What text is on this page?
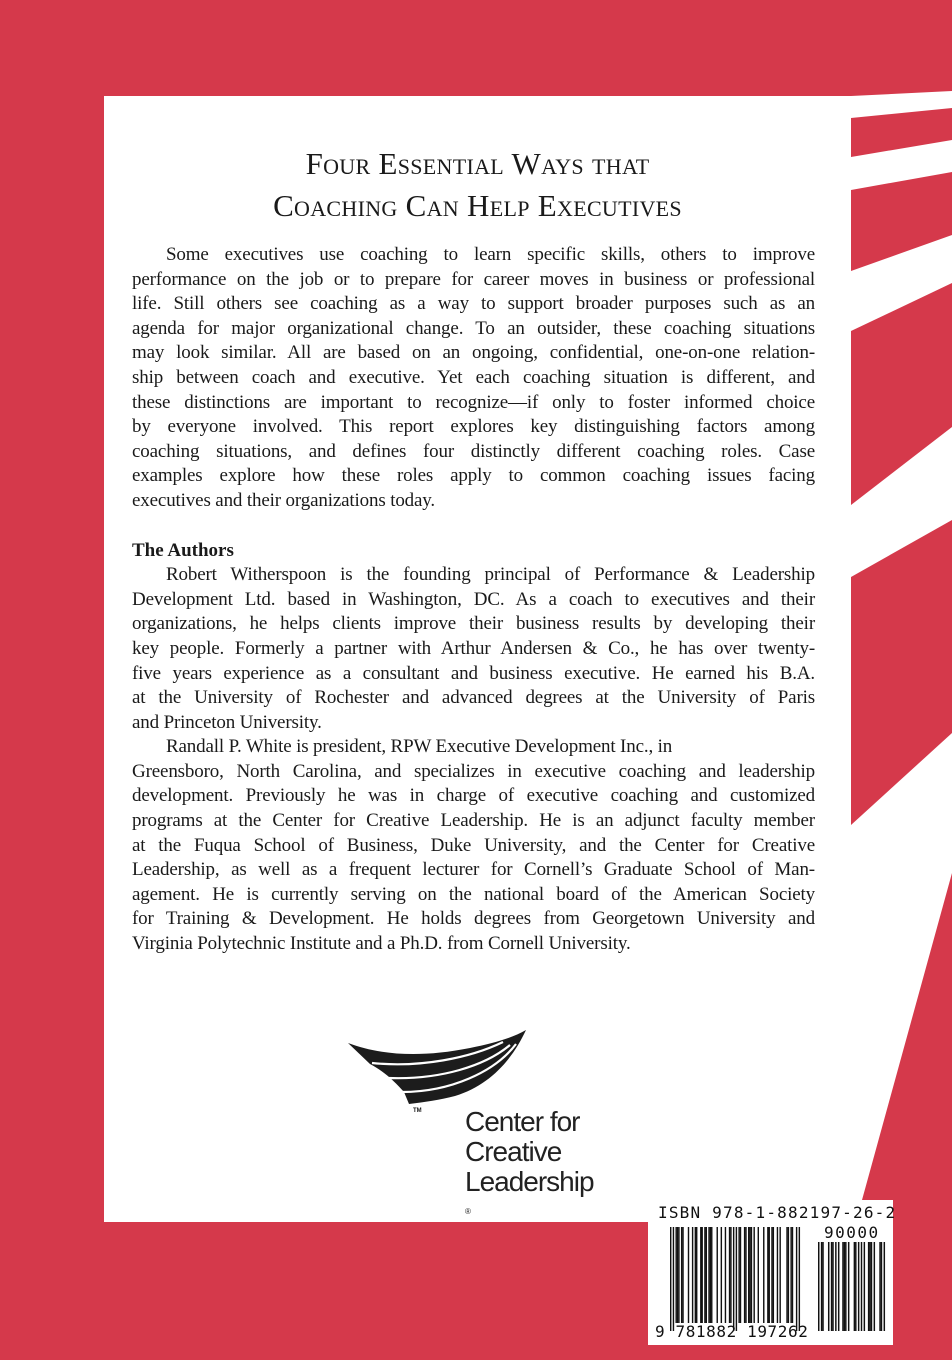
Four Essential Ways that
Coaching Can Help Executives
Some executives use coaching to learn specific skills, others to improve
performance on the job or to prepare for career moves in business or professional
life. Still others see coaching as a way to support broader purposes such as an
agenda for major organizational change. To an outsider, these coaching situations
may look similar. All are based on an ongoing, confidential, one-on-one relation-
ship between coach and executive. Yet each coaching situation is different, and
these distinctions are important to recognize—if only to foster informed choice
by everyone involved. This report explores key distinguishing factors among
coaching situations, and defines four distinctly different coaching roles. Case
examples explore how these roles apply to common coaching issues facing
executives and their organizations today.
The Authors
Robert Witherspoon is the founding principal of Performance & Leadership
Development Ltd. based in Washington, DC. As a coach to executives and their
organizations, he helps clients improve their business results by developing their
key people. Formerly a partner with Arthur Andersen & Co., he has over twenty-
five years experience as a consultant and business executive. He earned his B.A.
at the University of Rochester and advanced degrees at the University of Paris
and Princeton University.
Randall P. White is president, RPW Executive Development Inc., in
Greensboro, North Carolina, and specializes in executive coaching and leadership
development. Previously he was in charge of executive coaching and customized
programs at the Center for Creative Leadership. He is an adjunct faculty member
at the Fuqua School of Business, Duke University, and the Center for Creative
Leadership, as well as a frequent lecturer for Cornell’s Graduate School of Man-
agement. He is currently serving on the national board of the American Society
for Training & Development. He holds degrees from Georgetown University and
Virginia Polytechnic Institute and a Ph.D. from Cornell University.
TM Center for
Creative
Leadership
®	ISBN 978-1-882197-26-2
90000
9 781882 197262
